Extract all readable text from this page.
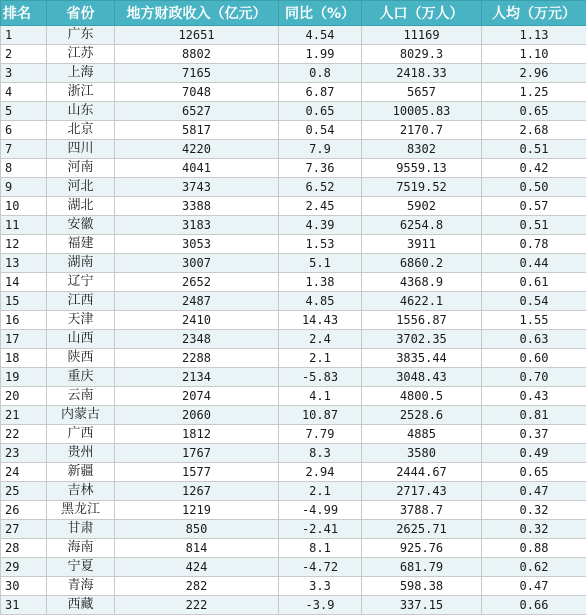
排名	省份	地方财政收入（亿元）	同比（%）	人口（万人）	人均（万元）
1	广东	12651	4.54	11169	1.13
2	江苏	8802	1.99	8029.3	1.10
3	上海	7165	0.8	2418.33	2.96
4	浙江	7048	6.87	5657	1.25
5	山东	6527	0.65	10005.83	0.65
6	北京	5817	0.54	2170.7	2.68
7	四川	4220	7.9	8302	0.51
8	河南	4041	7.36	9559.13	0.42
9	河北	3743	6.52	7519.52	0.50
10	湖北	3388	2.45	5902	0.57
11	安徽	3183	4.39	6254.8	0.51
12	福建	3053	1.53	3911	0.78
13	湖南	3007	5.1	6860.2	0.44
14	辽宁	2652	1.38	4368.9	0.61
15	江西	2487	4.85	4622.1	0.54
16	天津	2410	14.43	1556.87	1.55
17	山西	2348	2.4	3702.35	0.63
18	陕西	2288	2.1	3835.44	0.60
19	重庆	2134	-5.83	3048.43	0.70
20	云南	2074	4.1	4800.5	0.43
21	内蒙古	2060	10.87	2528.6	0.81
22	广西	1812	7.79	4885	0.37
23	贵州	1767	8.3	3580	0.49
24	新疆	1577	2.94	2444.67	0.65
25	吉林	1267	2.1	2717.43	0.47
26	黑龙江	1219	-4.99	3788.7	0.32
27	甘肃	850	-2.41	2625.71	0.32
28	海南	814	8.1	925.76	0.88
29	宁夏	424	-4.72	681.79	0.62
30	青海	282	3.3	598.38	0.47
31	西藏	222	-3.9	337.15	0.66
